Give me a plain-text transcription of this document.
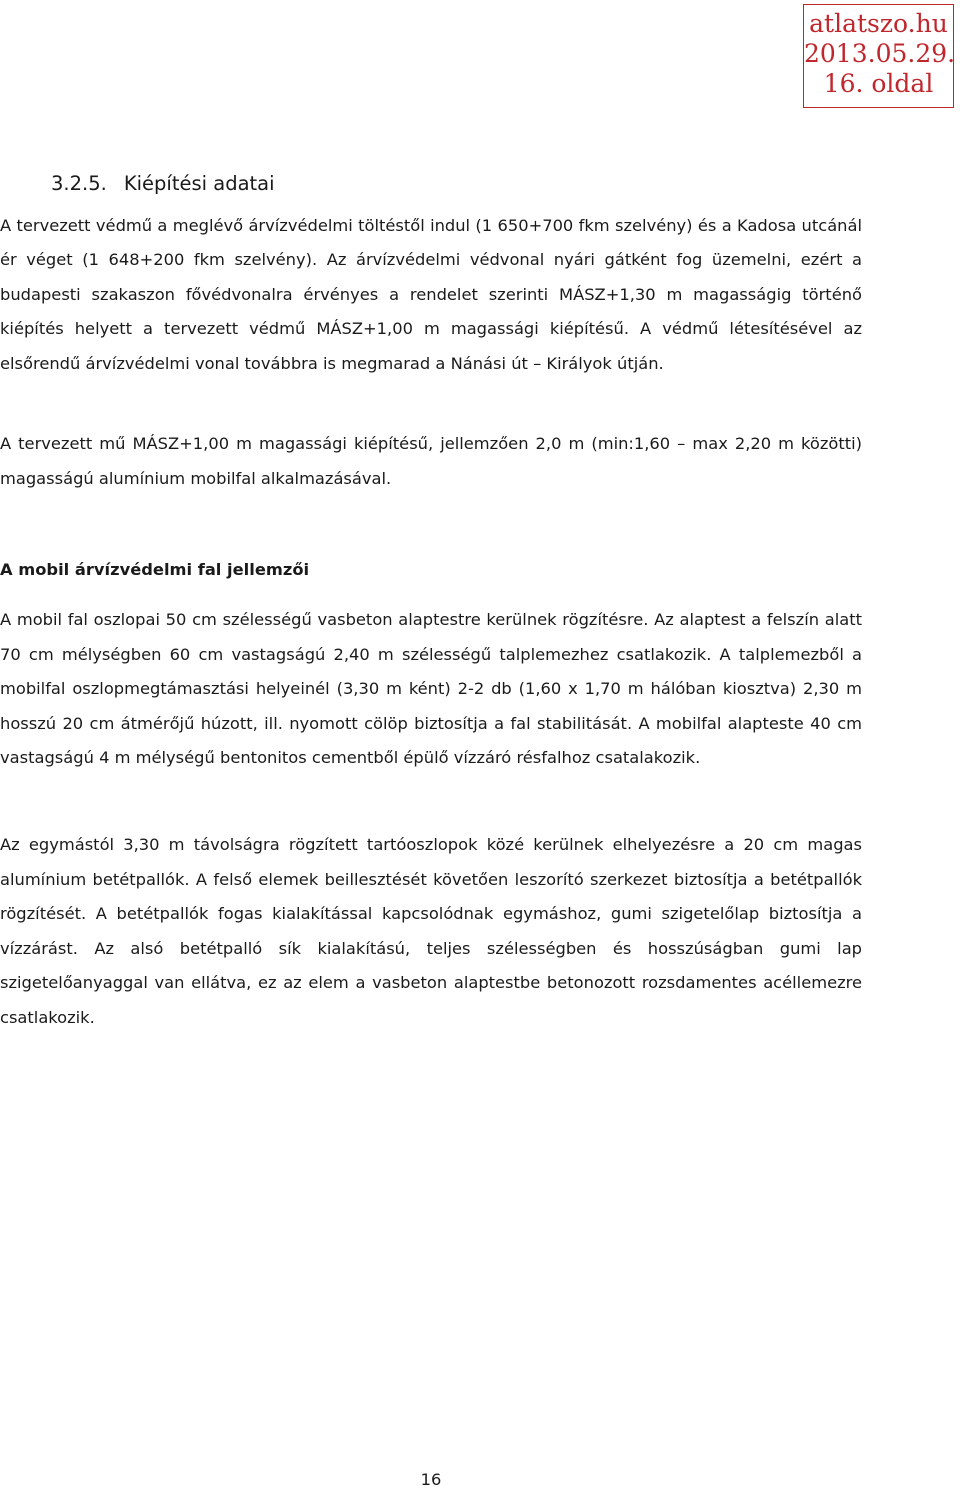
atlatszo.hu
2013.05.29.
16. oldal
3.2.5. Kiépítési adatai

A tervezett védmű a meglévő árvízvédelmi töltéstől indul (1 650+700 fkm szelvény) és a Kadosa utcánál ér véget (1 648+200 fkm szelvény). Az árvízvédelmi védvonal nyári gátként fog üzemelni, ezért a budapesti szakaszon fővédvonalra érvényes a rendelet szerinti MÁSZ+1,30 m magasságig történő kiépítés helyett a tervezett védmű MÁSZ+1,00 m magassági kiépítésű. A védmű létesítésével az elsőrendű árvízvédelmi vonal továbbra is megmarad a Nánási út – Királyok útján.

A tervezett mű MÁSZ+1,00 m magassági kiépítésű, jellemzően 2,0 m (min:1,60 – max 2,20 m közötti) magasságú alumínium mobilfal alkalmazásával.

A mobil árvízvédelmi fal jellemzői

A mobil fal oszlopai 50 cm szélességű vasbeton alaptestre kerülnek rögzítésre. Az alaptest a felszín alatt 70 cm mélységben 60 cm vastagságú 2,40 m szélességű talplemezhez csatlakozik. A talplemezből a mobilfal oszlopmegtámasztási helyeinél (3,30 m ként) 2-2 db (1,60 x 1,70 m hálóban kiosztva) 2,30 m hosszú 20 cm átmérőjű húzott, ill. nyomott cölöp biztosítja a fal stabilitását. A mobilfal alapteste 40 cm vastagságú 4 m mélységű bentonitos cementből épülő vízzáró résfalhoz csatalakozik.

Az egymástól 3,30 m távolságra rögzített tartóoszlopok közé kerülnek elhelyezésre a 20 cm magas alumínium betétpallók. A felső elemek beillesztését követően leszorító szerkezet biztosítja a betétpallók rögzítését. A betétpallók fogas kialakítással kapcsolódnak egymáshoz, gumi szigetelőlap biztosítja a vízzárást. Az alsó betétpalló sík kialakítású, teljes szélességben és hosszúságban gumi lap szigetelőanyaggal van ellátva, ez az elem a vasbeton alaptestbe betonozott rozsdamentes acéllemezre csatlakozik.

16
